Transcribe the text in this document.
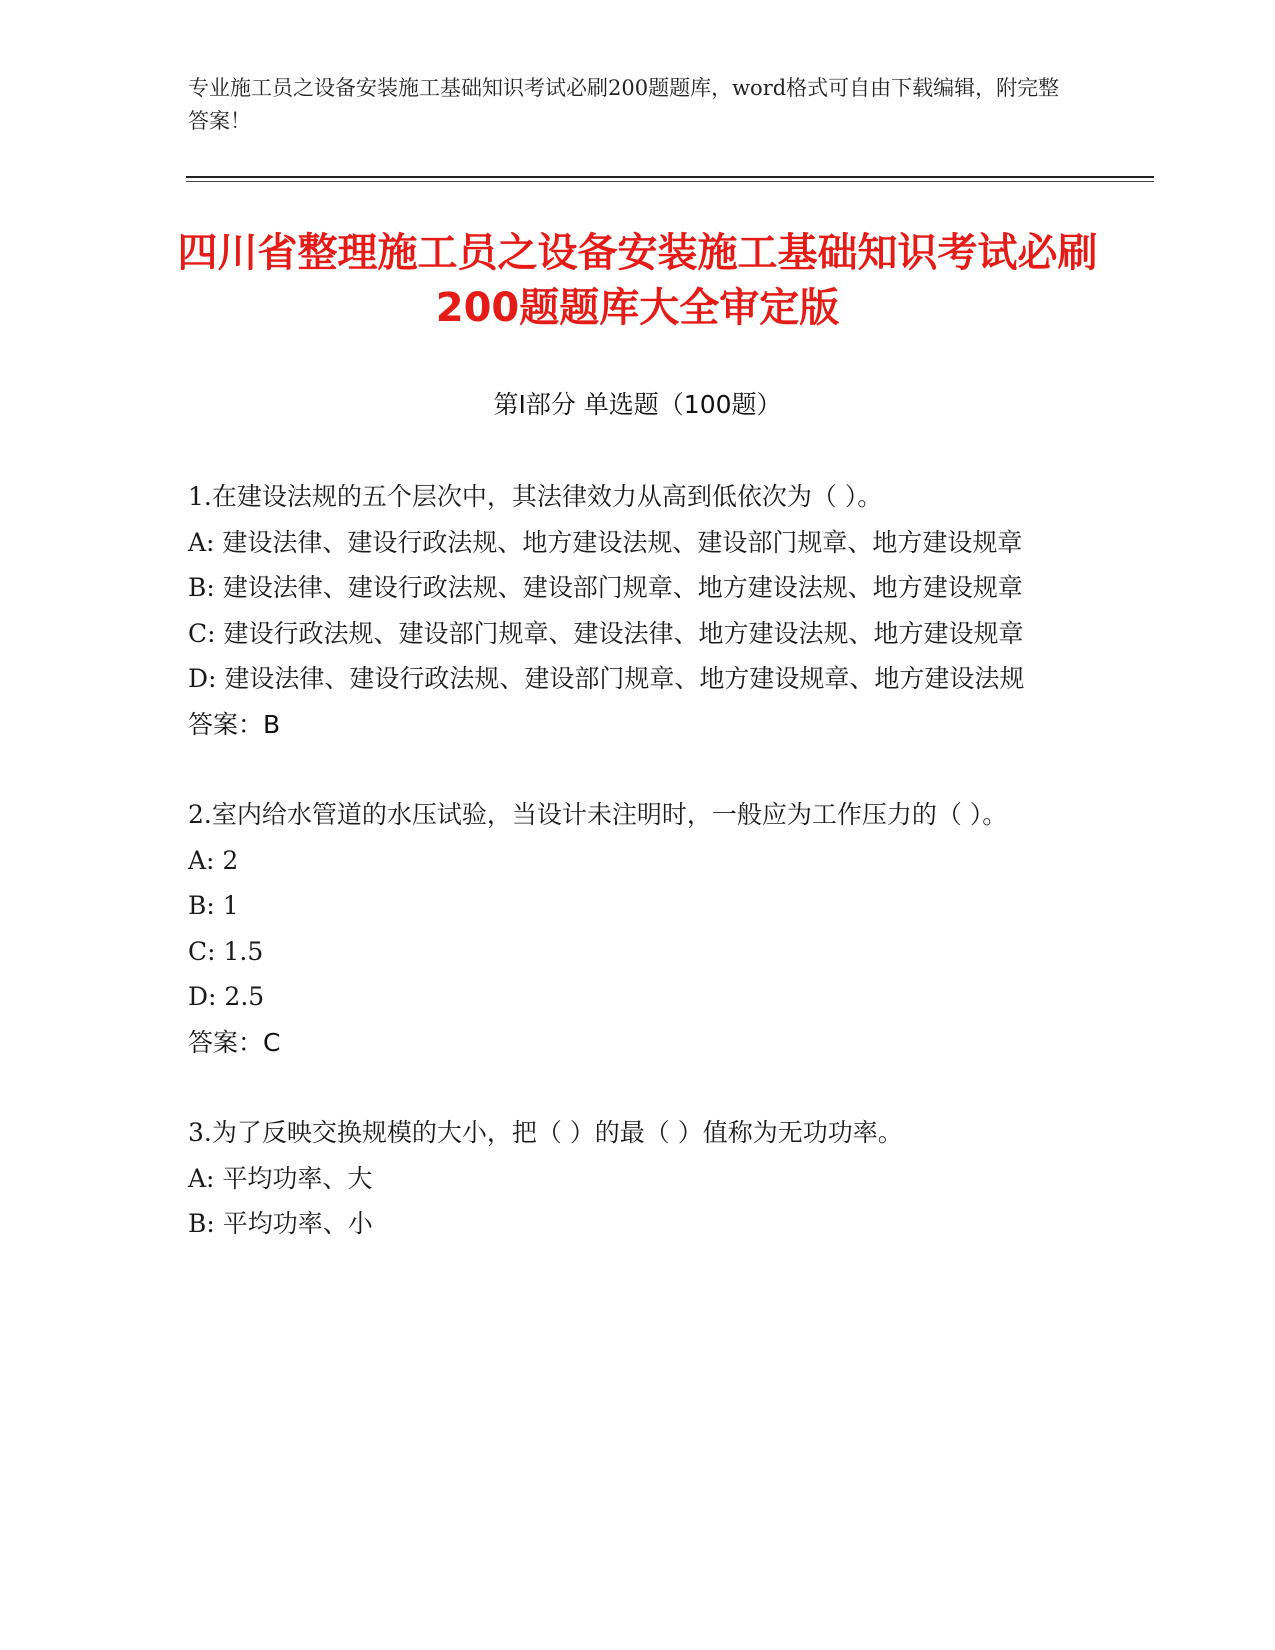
专业施工员之设备安装施工基础知识考试必刷200题题库，word格式可自由下载编辑，附完整答案！
四川省整理施工员之设备安装施工基础知识考试必刷200题题库大全审定版
第Ⅰ部分 单选题（100题）

1.在建设法规的五个层次中，其法律效力从高到低依次为（ ）。

A: 建设法律、建设行政法规、地方建设法规、建设部门规章、地方建设规章

B: 建设法律、建设行政法规、建设部门规章、地方建设法规、地方建设规章

C: 建设行政法规、建设部门规章、建设法律、地方建设法规、地方建设规章

D: 建设法律、建设行政法规、建设部门规章、地方建设规章、地方建设法规

答案：B

2.室内给水管道的水压试验，当设计未注明时，一般应为工作压力的（ ）。

A: 2

B: 1

C: 1.5

D: 2.5

答案：C

3.为了反映交换规模的大小，把（ ）的最（ ）值称为无功功率。

A: 平均功率、大

B: 平均功率、小
